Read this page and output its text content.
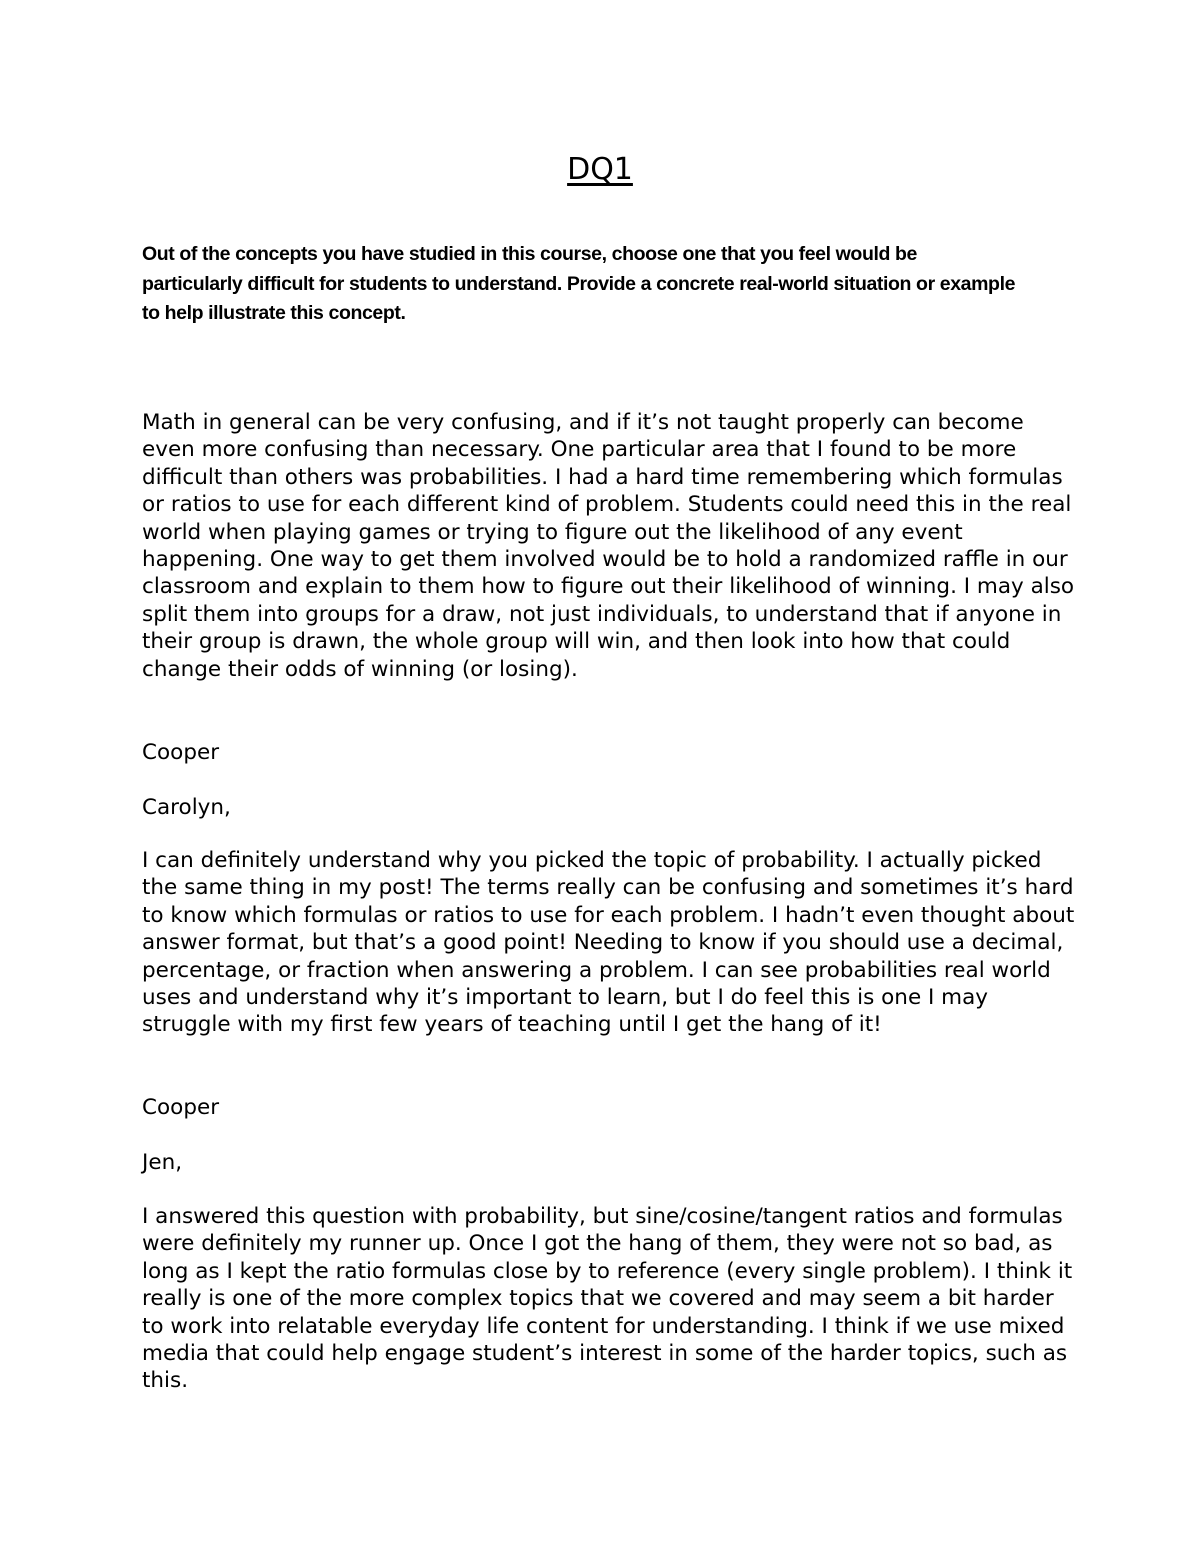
DQ1

Out of the concepts you have studied in this course, choose one that you feel would be particularly difficult for students to understand. Provide a concrete real-world situation or example to help illustrate this concept.

Math in general can be very confusing, and if it’s not taught properly can become even more confusing than necessary. One particular area that I found to be more difficult than others was probabilities. I had a hard time remembering which formulas or ratios to use for each different kind of problem. Students could need this in the real world when playing games or trying to figure out the likelihood of any event happening. One way to get them involved would be to hold a randomized raffle in our classroom and explain to them how to figure out their likelihood of winning. I may also split them into groups for a draw, not just individuals, to understand that if anyone in their group is drawn, the whole group will win, and then look into how that could change their odds of winning (or losing).

Cooper

Carolyn,

I can definitely understand why you picked the topic of probability. I actually picked the same thing in my post! The terms really can be confusing and sometimes it’s hard to know which formulas or ratios to use for each problem. I hadn’t even thought about answer format, but that’s a good point! Needing to know if you should use a decimal, percentage, or fraction when answering a problem. I can see probabilities real world uses and understand why it’s important to learn, but I do feel this is one I may struggle with my first few years of teaching until I get the hang of it!

Cooper

Jen,

I answered this question with probability, but sine/cosine/tangent ratios and formulas were definitely my runner up. Once I got the hang of them, they were not so bad, as long as I kept the ratio formulas close by to reference (every single problem). I think it really is one of the more complex topics that we covered and may seem a bit harder to work into relatable everyday life content for understanding. I think if we use mixed media that could help engage student’s interest in some of the harder topics, such as this.
